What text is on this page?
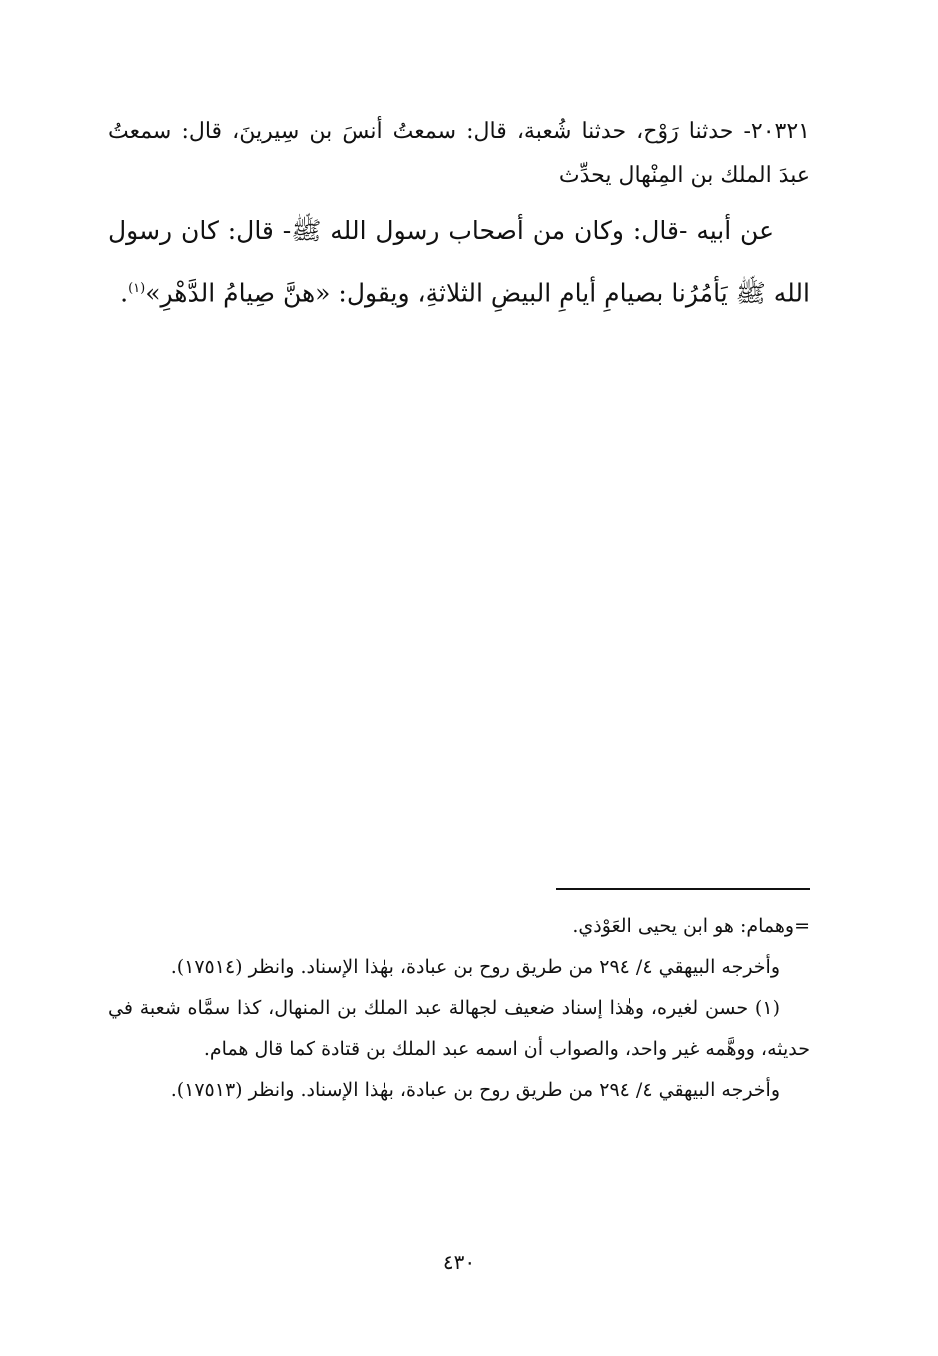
٢٠٣٢١- حدثنا رَوْح، حدثنا شُعبة، قال: سمعتُ أنسَ بن سِيرينَ، قال: سمعتُ عبدَ الملك بن المِنْهال يحدِّث

عن أبيه -قال: وكان من أصحاب رسول الله ﷺ- قال: كان رسول الله ﷺ يَأمُرُنا بصيامِ أيامِ البيضِ الثلاثةِ، ويقول: «هنَّ صِيامُ الدَّهْرِ»$^{(١)}$.

=وهمام: هو ابن يحيى العَوْذي.

وأخرجه البيهقي ٤/ ٢٩٤ من طريق روح بن عبادة، بهٰذا الإسناد. وانظر (١٧٥١٤).

(١) حسن لغيره، وهٰذا إسناد ضعيف لجهالة عبد الملك بن المنهال، كذا سمَّاه شعبة في حديثه، ووهَّمه غير واحد، والصواب أن اسمه عبد الملك بن قتادة كما قال همام.

وأخرجه البيهقي ٤/ ٢٩٤ من طريق روح بن عبادة، بهٰذا الإسناد. وانظر (١٧٥١٣).

٤٣٠
